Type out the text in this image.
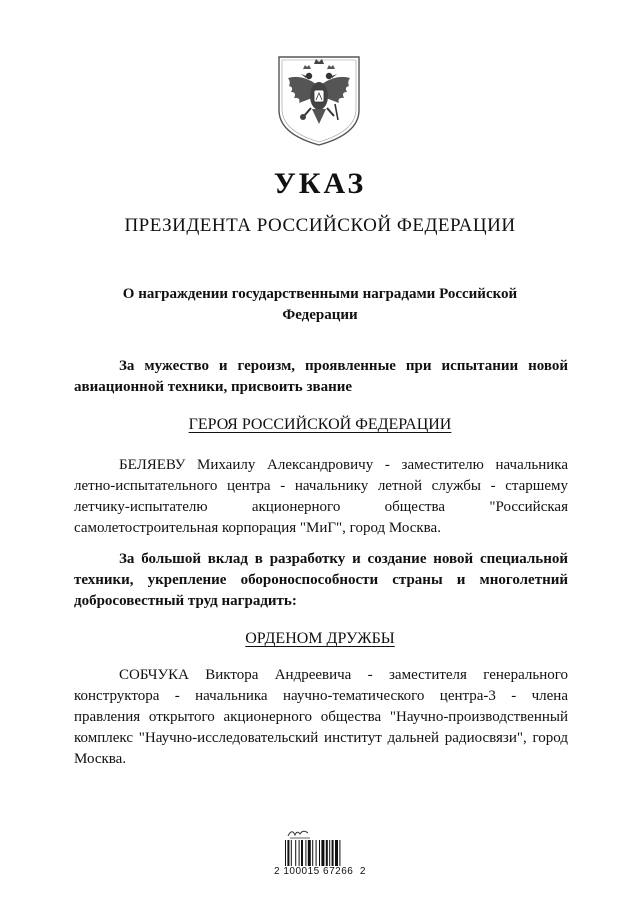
УКАЗ
ПРЕЗИДЕНТА РОССИЙСКОЙ ФЕДЕРАЦИИ
О награждении государственными наградами Российской Федерации
За мужество и героизм, проявленные при испытании новой авиационной техники, присвоить звание
ГЕРОЯ РОССИЙСКОЙ ФЕДЕРАЦИИ
БЕЛЯЕВУ Михаилу Александровичу - заместителю начальника летно-испытательного центра - начальнику летной службы - старшему летчику-испытателю акционерного общества "Российская самолетостроительная корпорация "МиГ", город Москва.
За большой вклад в разработку и создание новой специальной техники, укрепление обороноспособности страны и многолетний добросовестный труд наградить:
ОРДЕНОМ ДРУЖБЫ
СОБЧУКА Виктора Андреевича - заместителя генерального конструктора - начальника научно-тематического центра-3 - члена правления открытого акционерного общества "Научно-производственный комплекс "Научно-исследовательский институт дальней радиосвязи", город Москва.
2 100015 67266  2
